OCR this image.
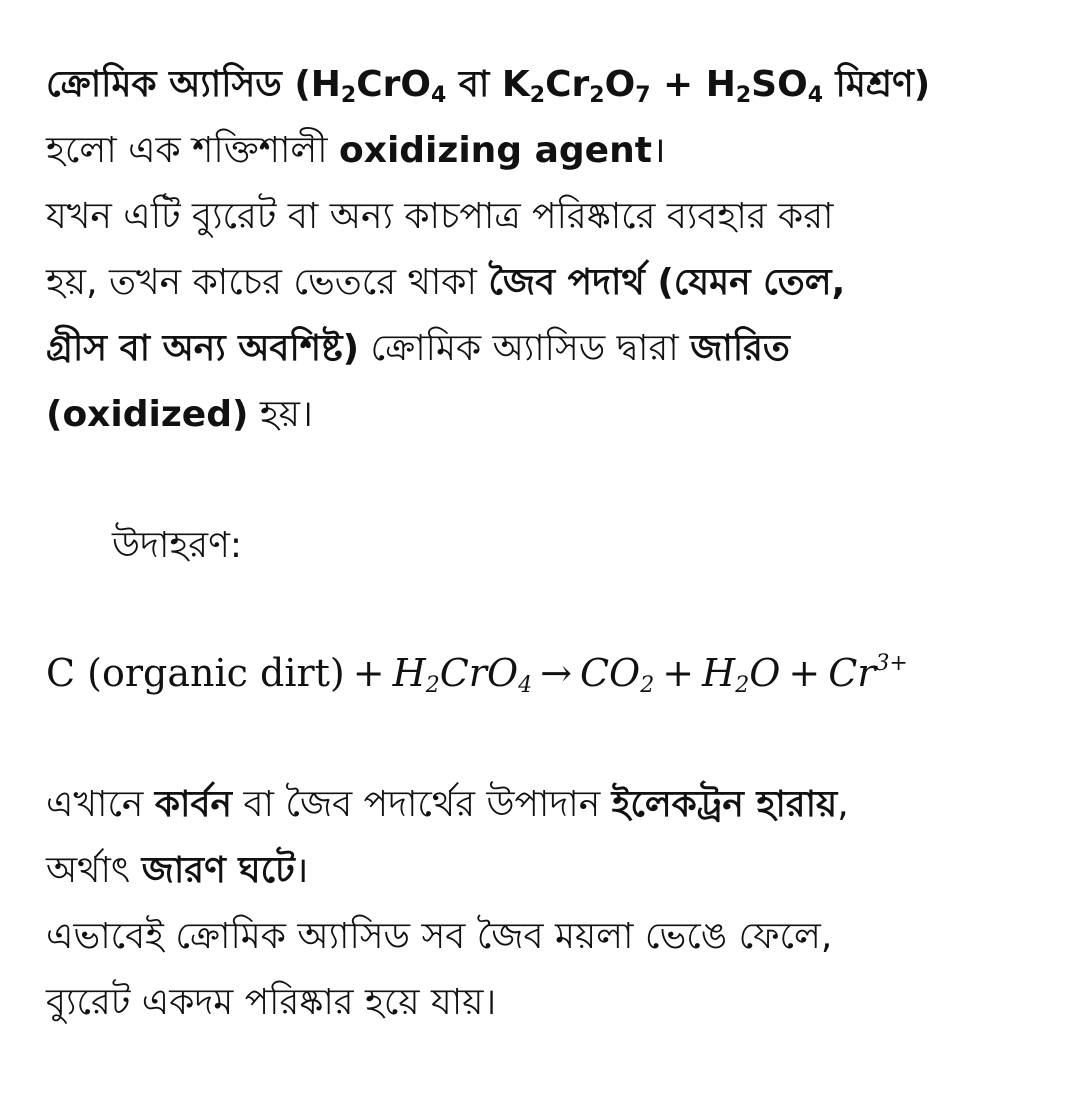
ক্রোমিক অ্যাসিড ($H_2CrO_4$ বা $K_2Cr_2O_7 + H_2SO_4$ মিশ্রণ)
হলো এক শক্তিশালী oxidizing agent।
যখন এটি ব্যুরেট বা অন্য কাচপাত্র পরিষ্কারে ব্যবহার করা
হয়, তখন কাচের ভেতরে থাকা জৈব পদার্থ (যেমন তেল,
গ্রীস বা অন্য অবশিষ্ট) ক্রোমিক অ্যাসিড দ্বারা জারিত
(oxidized) হয়।
উদাহরণ:
C (organic dirt) + $H_2CrO_4 \to CO_2 + H_2O + Cr^{3+}$
এখানে কার্বন বা জৈব পদার্থের উপাদান ইলেকট্রন হারায়,
অর্থাৎ জারণ ঘটে।
এভাবেই ক্রোমিক অ্যাসিড সব জৈব ময়লা ভেঙে ফেলে,
ব্যুরেট একদম পরিষ্কার হয়ে যায়।
